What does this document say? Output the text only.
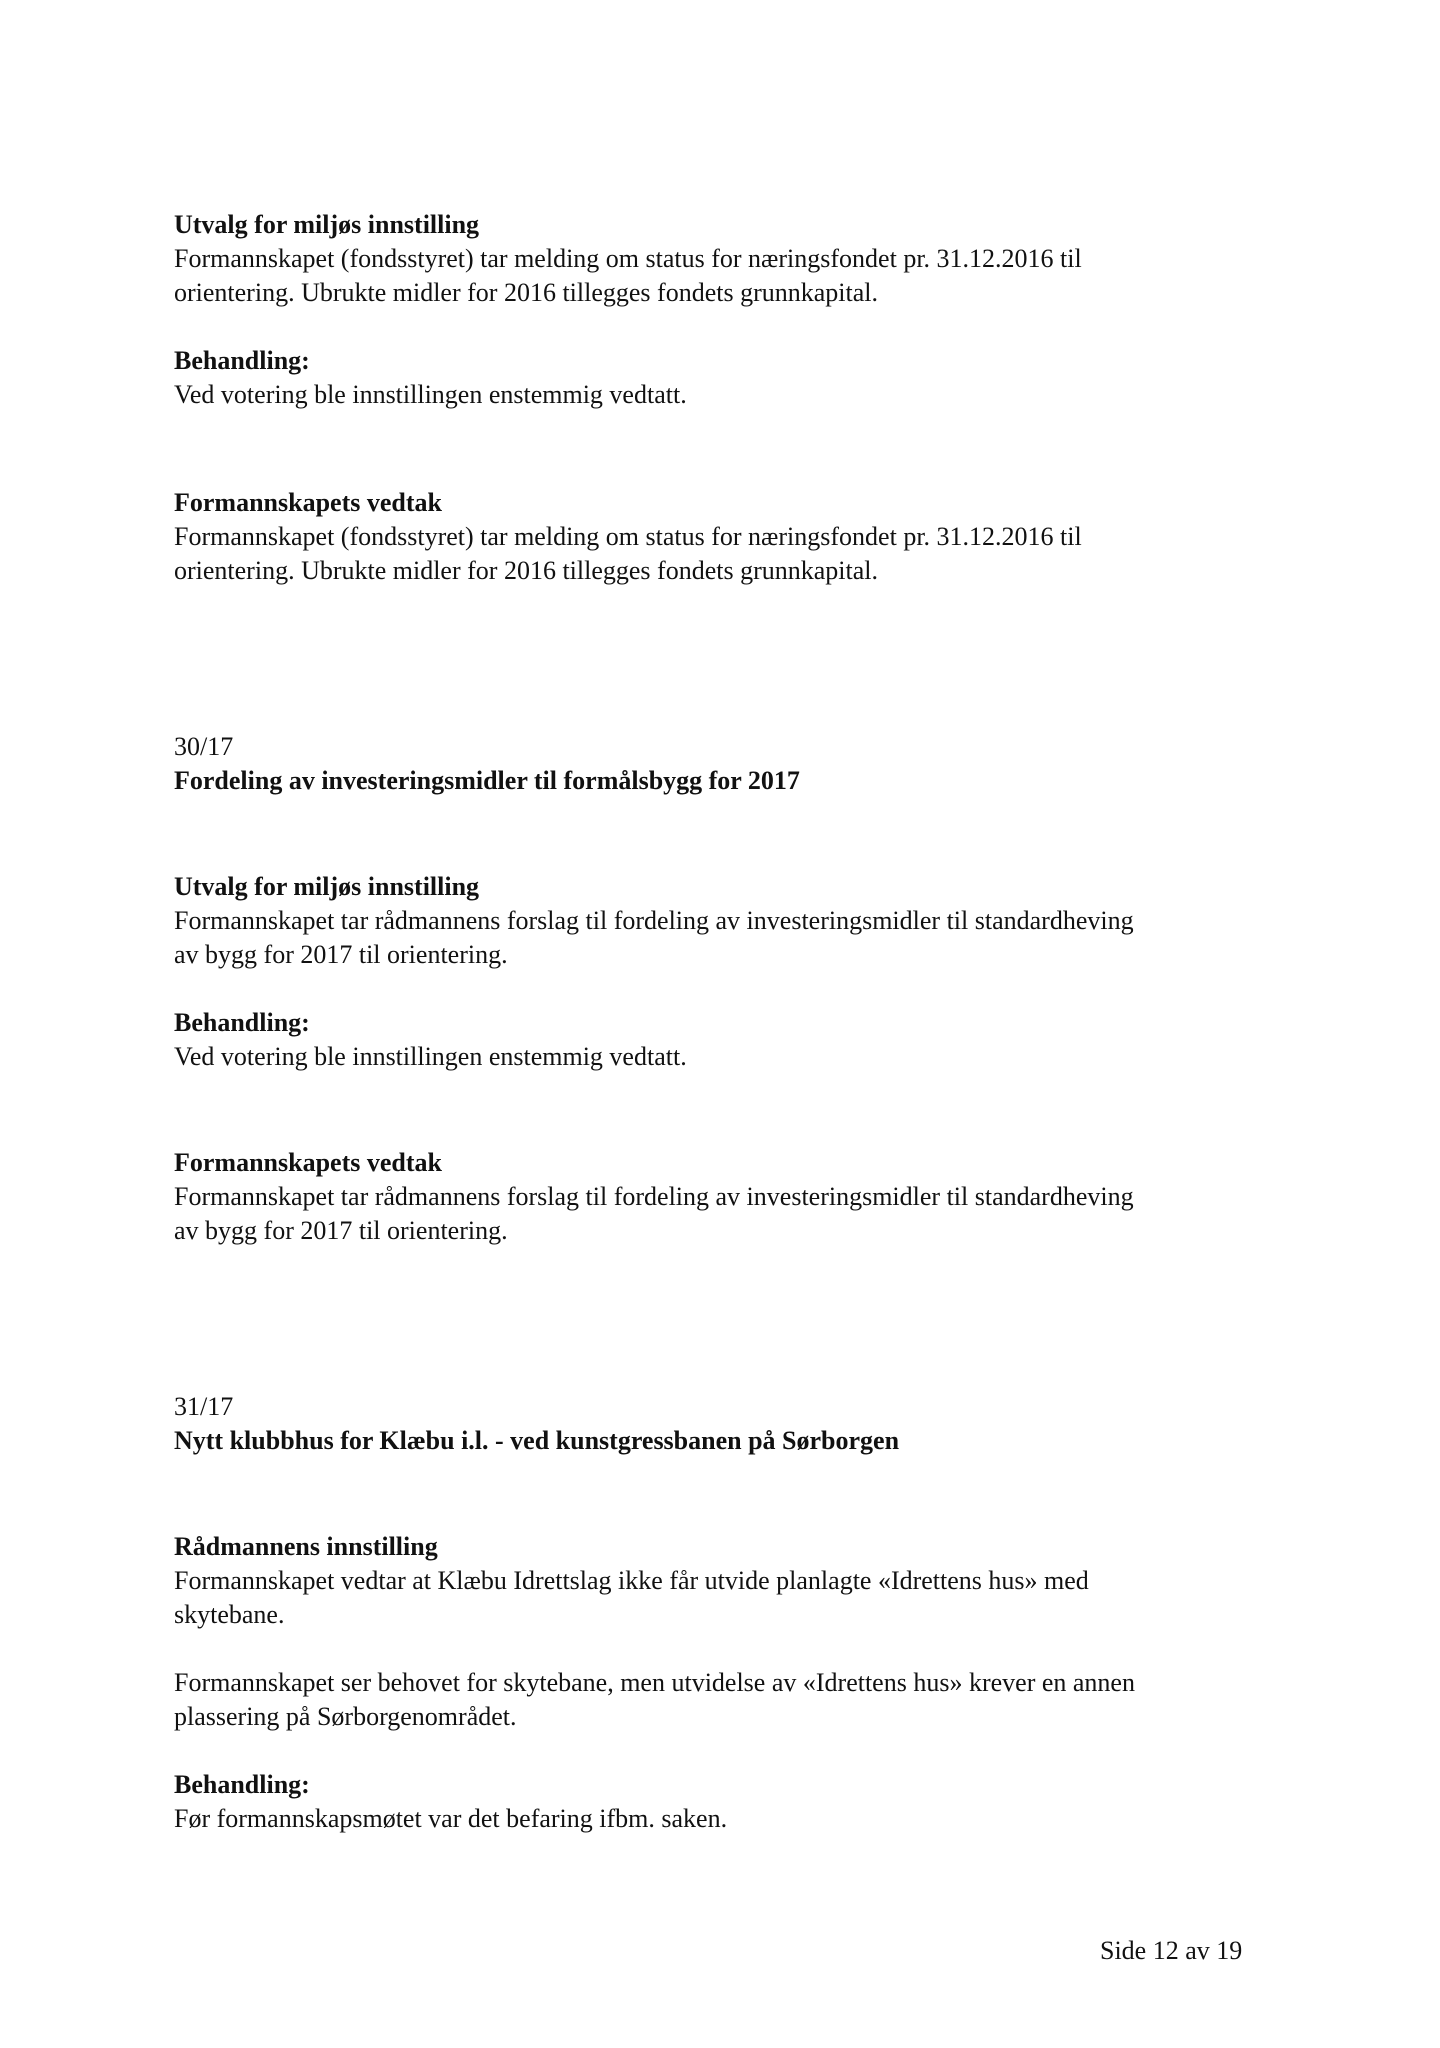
Utvalg for miljøs innstilling
Formannskapet (fondsstyret) tar melding om status for næringsfondet pr. 31.12.2016 til
orientering. Ubrukte midler for 2016 tillegges fondets grunnkapital.
Behandling:
Ved votering ble innstillingen enstemmig vedtatt.
Formannskapets vedtak
Formannskapet (fondsstyret) tar melding om status for næringsfondet pr. 31.12.2016 til
orientering. Ubrukte midler for 2016 tillegges fondets grunnkapital.
30/17
Fordeling av investeringsmidler til formålsbygg for 2017
Utvalg for miljøs innstilling
Formannskapet tar rådmannens forslag til fordeling av investeringsmidler til standardheving
av bygg for 2017 til orientering.
Behandling:
Ved votering ble innstillingen enstemmig vedtatt.
Formannskapets vedtak
Formannskapet tar rådmannens forslag til fordeling av investeringsmidler til standardheving
av bygg for 2017 til orientering.
31/17
Nytt klubbhus for Klæbu i.l. - ved kunstgressbanen på Sørborgen
Rådmannens innstilling
Formannskapet vedtar at Klæbu Idrettslag ikke får utvide planlagte «Idrettens hus» med
skytebane.
Formannskapet ser behovet for skytebane, men utvidelse av «Idrettens hus» krever en annen
plassering på Sørborgenområdet.
Behandling:
Før formannskapsmøtet var det befaring ifbm. saken.
Side 12 av 19
